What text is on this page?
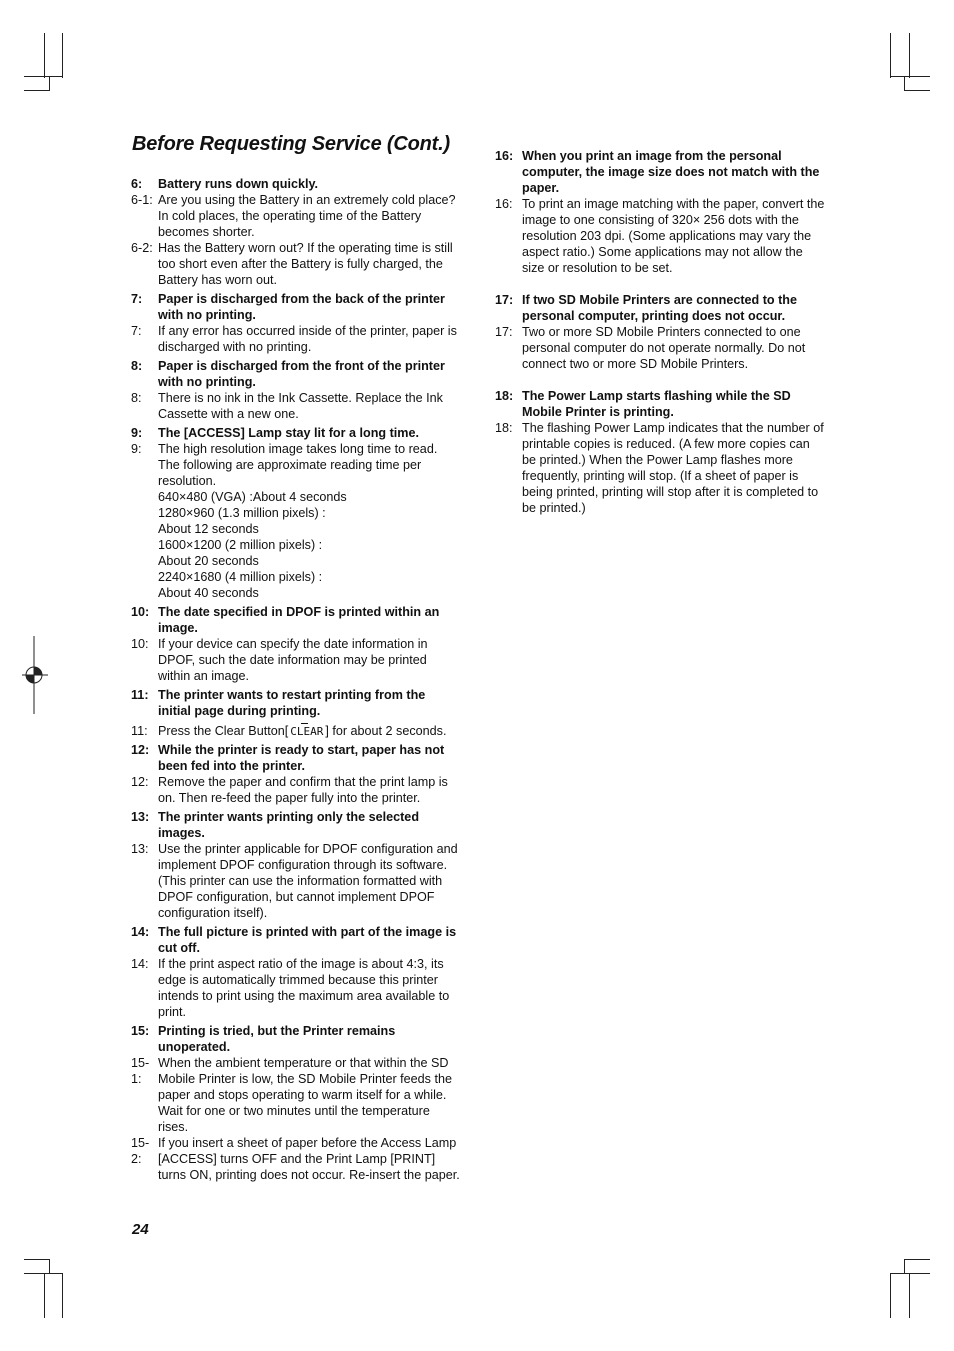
Before Requesting Service (Cont.)
6:	Battery runs down quickly.
6-1: Are you using the Battery in an extremely cold place? In cold places, the operating time of the Battery becomes shorter.
6-2: Has the Battery worn out? If the operating time is still too short even after the Battery is fully charged, the Battery has worn out.
7:	Paper is discharged from the back of the printer with no printing.
7:	If any error has occurred inside of the printer, paper is discharged with no printing.
8:	Paper is discharged from the front of the printer with no printing.
8:	There is no ink in the Ink Cassette. Replace the Ink Cassette with a new one.
9:	The [ACCESS] Lamp stay lit for a long time.
9:	The high resolution image takes long time to read. The following are approximate reading time per resolution.
640×480 (VGA) :About 4 seconds
1280×960 (1.3 million pixels) :
About 12 seconds
1600×1200 (2 million pixels) :
About 20 seconds
2240×1680 (4 million pixels) :
About 40 seconds
10: The date specified in DPOF is printed within an image.
10: If your device can specify the date information in DPOF, such the date information may be printed within an image.
11: The printer wants to restart printing from the initial page during printing.
11: Press the Clear Button[ CLEAR ] for about 2 seconds.
12: While the printer is ready to start, paper has not been fed into the printer.
12: Remove the paper and confirm that the print lamp is on. Then re-feed the paper fully into the printer.
13: The printer wants printing only the selected images.
13: Use the printer applicable for DPOF configuration and implement DPOF configuration through its software. (This printer can use the information formatted with DPOF configuration, but cannot implement DPOF configuration itself).
14: The full picture is printed with part of the image is cut off.
14: If the print aspect ratio of the image is about 4:3, its edge is automatically trimmed because this printer intends to print using the maximum area available to print.
15: Printing is tried, but the Printer remains unoperated.
15-1:
When the ambient temperature or that within the SD Mobile Printer is low, the SD Mobile Printer feeds the paper and stops operating to warm itself for a while. Wait for one or two minutes until the temperature rises.
15-2:
If you insert a sheet of paper before the Access Lamp [ACCESS] turns OFF and the Print Lamp [PRINT] turns ON, printing does not occur. Re-insert the paper.
16: When you print an image from the personal computer, the image size does not match with the paper.
16: To print an image matching with the paper, convert the image to one consisting of 320× 256 dots with the resolution 203 dpi. (Some applications may vary the aspect ratio.) Some applications may not allow the size or resolution to be set.
17: If two SD Mobile Printers are connected to the personal computer, printing does not occur.
17: Two or more SD Mobile Printers connected to one personal computer do not operate normally. Do not connect two or more SD Mobile Printers.
18: The Power Lamp starts flashing while the SD Mobile Printer is printing.
18: The flashing Power Lamp indicates that the number of printable copies is reduced. (A few more copies can be printed.) When the Power Lamp flashes more frequently, printing will stop. (If a sheet of paper is being printed, printing will stop after it is completed to be printed.)
24
